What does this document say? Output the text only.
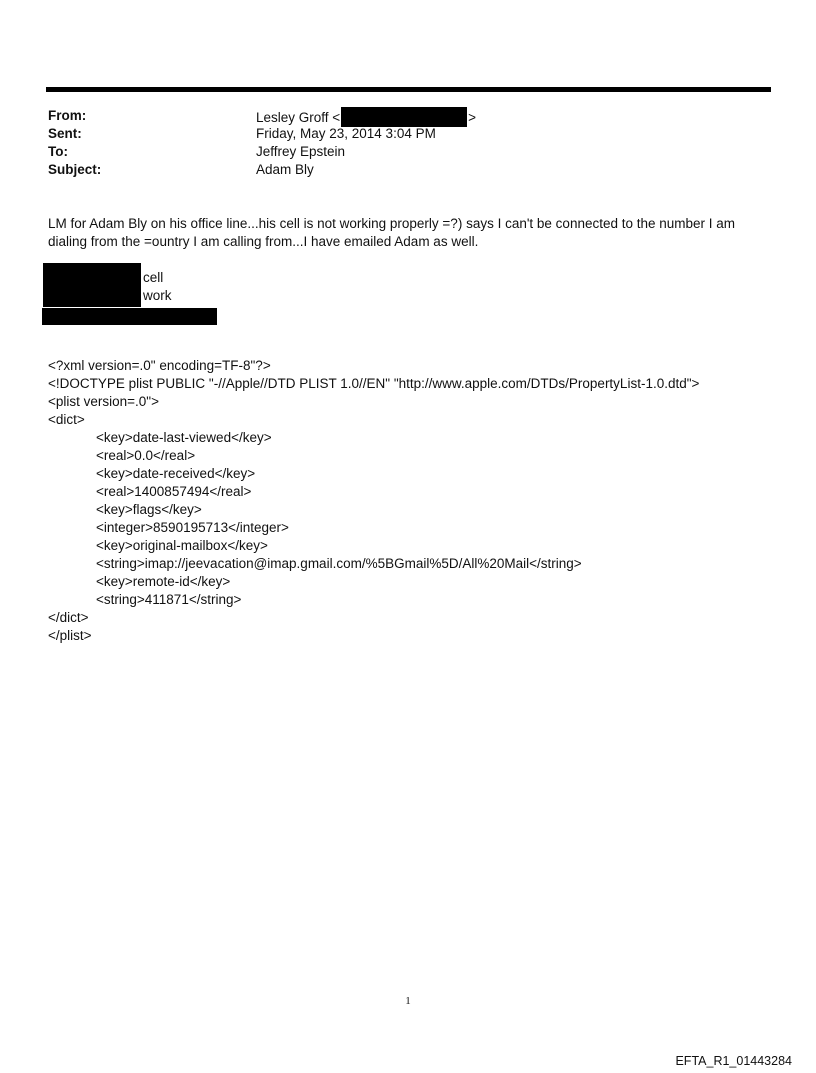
From:	Lesley Groff <	>
Sent:	Friday, May 23, 2014 3:04 PM
To:	Jeffrey Epstein
Subject:	Adam Bly

LM for Adam Bly on his office line...his cell is not working properly =?) says I can't be connected to the number I am

dialing from the =ountry I am calling from...I have emailed Adam as well.

cell
work
<?xml version=.0" encoding=TF-8"?>
<!DOCTYPE plist PUBLIC "-//Apple//DTD PLIST 1.0//EN" "http://www.apple.com/DTDs/PropertyList-1.0.dtd">
<plist version=.0">
<dict>
<key>date-last-viewed</key>
<real>0.0</real>
<key>date-received</key>
<real>1400857494</real>
<key>flags</key>
<integer>8590195713</integer>
<key>original-mailbox</key>
<string>imap://jeevacation@imap.gmail.com/%5BGmail%5D/All%20Mail</string>
<key>remote-id</key>
<string>411871</string>
</dict>
</plist>
1
EFTA_R1_01443284
